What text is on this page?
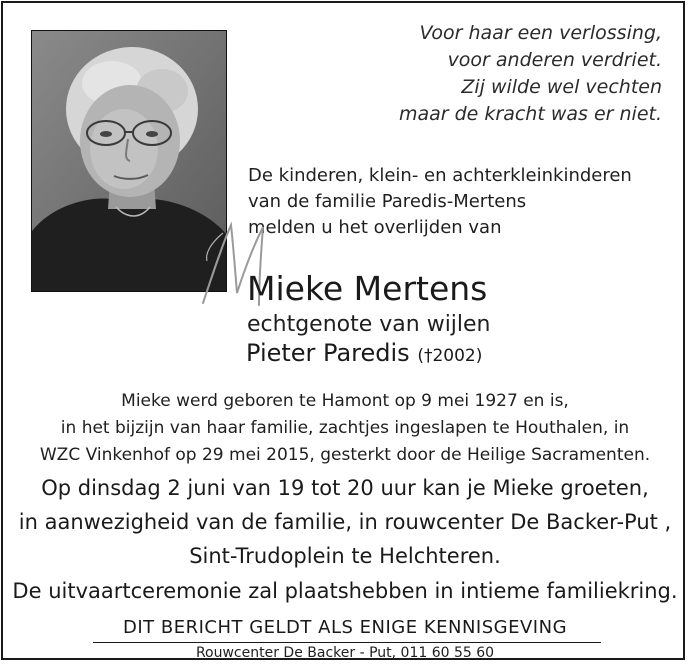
Voor haar een verlossing,
voor anderen verdriet.
Zij wilde wel vechten
maar de kracht was er niet.
De kinderen, klein- en achterkleinkinderen
van de familie Paredis-Mertens
melden u het overlijden van
Mieke Mertens
echtgenote van wijlen
Pieter Paredis (†2002)
Mieke werd geboren te Hamont op 9 mei 1927 en is,
in het bijzijn van haar familie, zachtjes ingeslapen te Houthalen, in
WZC Vinkenhof op 29 mei 2015, gesterkt door de Heilige Sacramenten.
Op dinsdag 2 juni van 19 tot 20 uur kan je Mieke groeten,
in aanwezigheid van de familie, in rouwcenter De Backer-Put ,
Sint-Trudoplein te Helchteren.
De uitvaartceremonie zal plaatshebben in intieme familiekring.
DIT BERICHT GELDT ALS ENIGE KENNISGEVING
Rouwcenter De Backer - Put, 011 60 55 60
